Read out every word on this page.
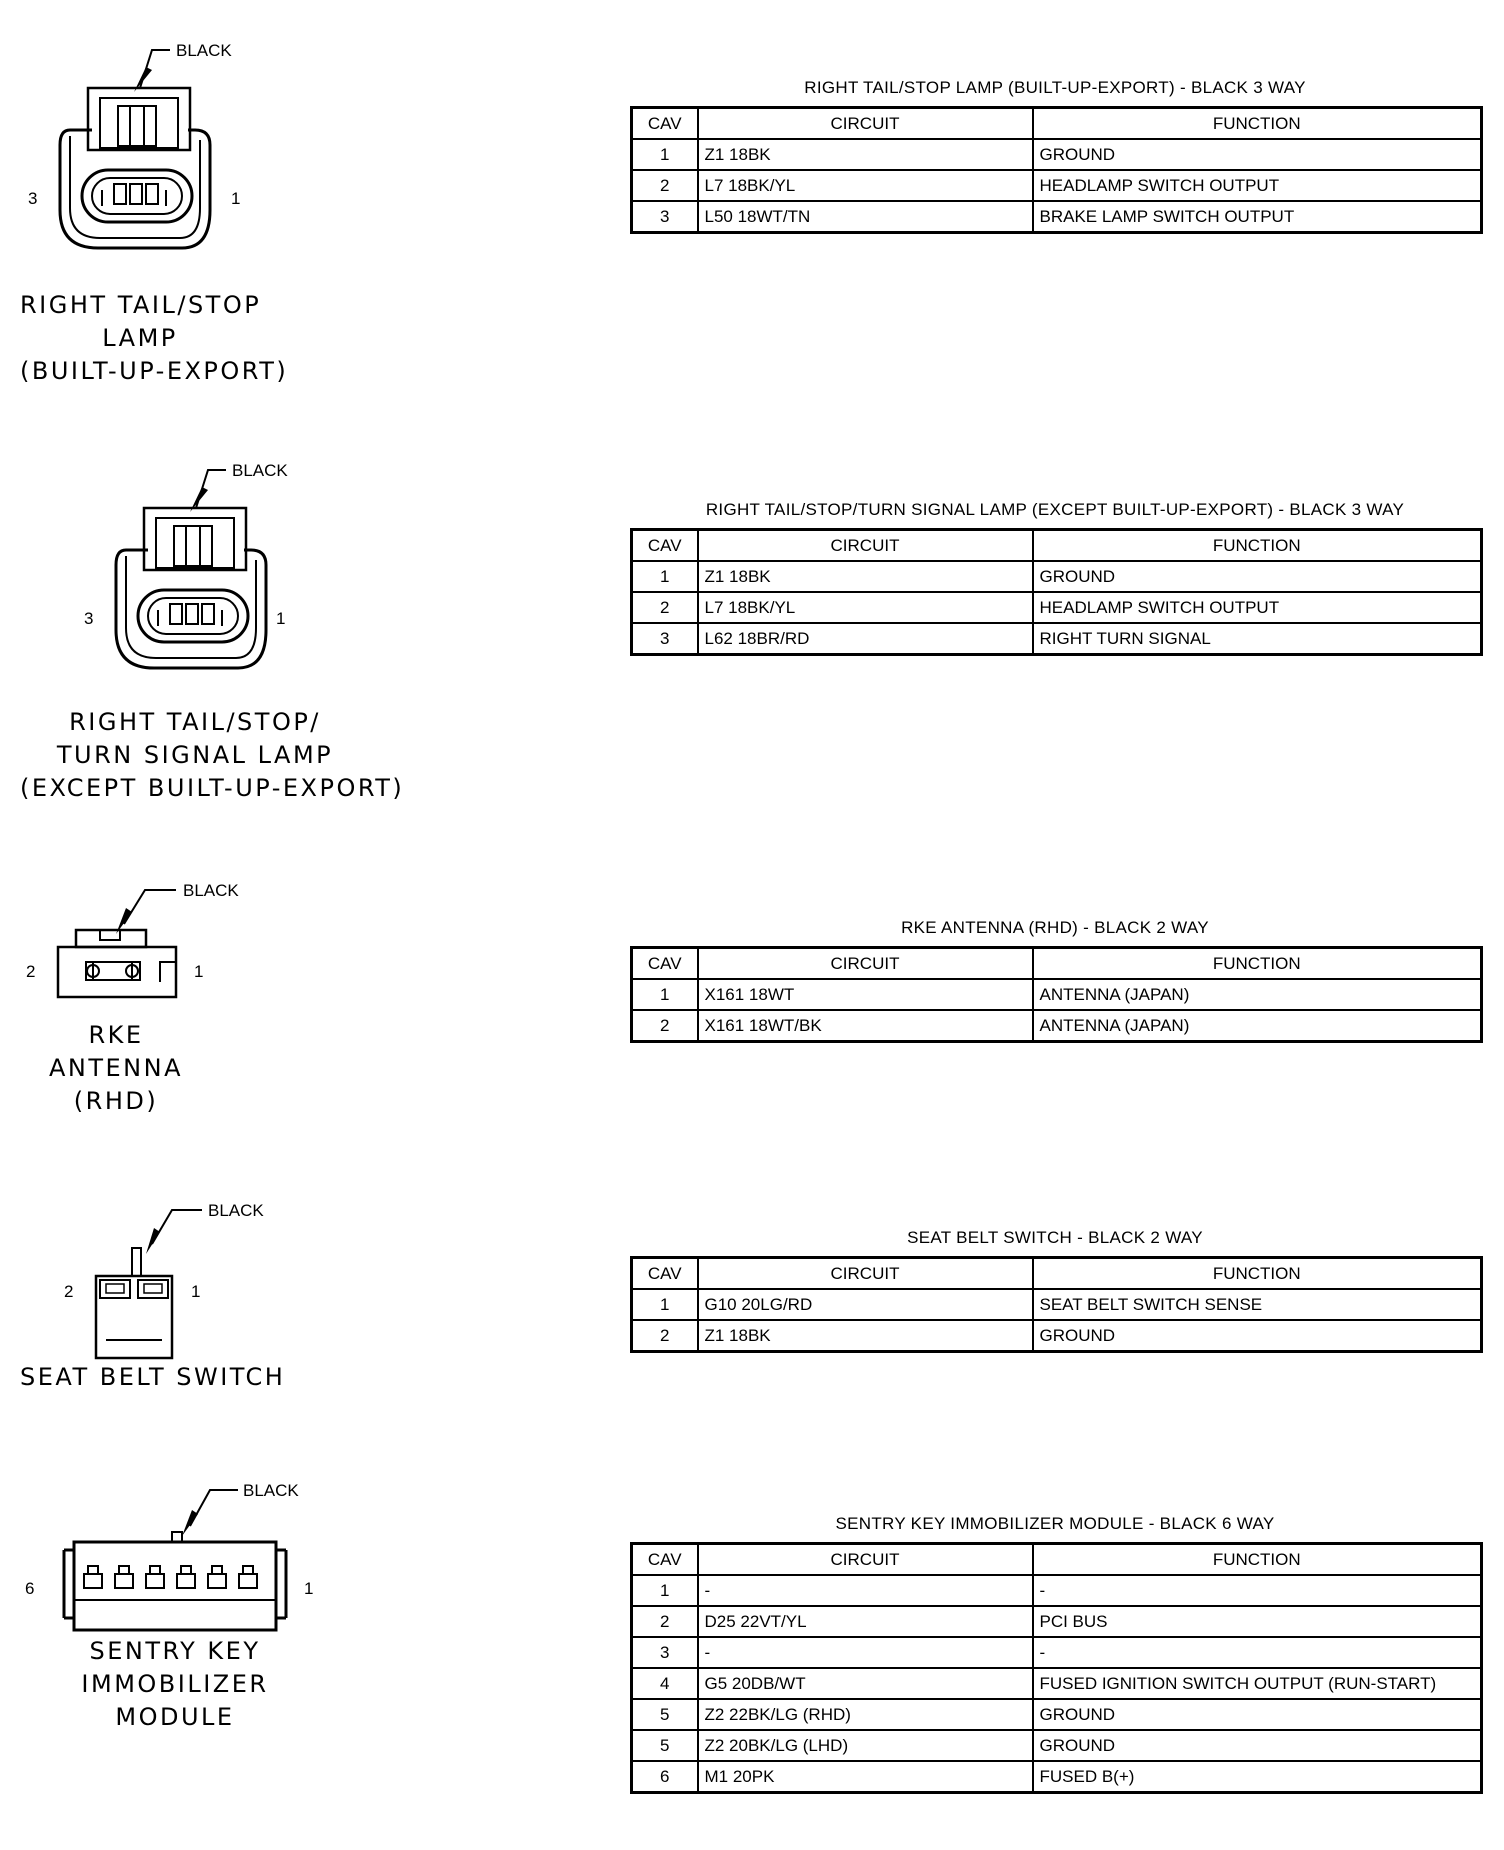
BLACK
3	1
RIGHT TAIL/STOP
LAMP
(BUILT-UP-EXPORT)
RIGHT TAIL/STOP LAMP (BUILT-UP-EXPORT) - BLACK 3 WAY
CAV	CIRCUIT	FUNCTION
1	Z1 18BK	GROUND
2	L7 18BK/YL	HEADLAMP SWITCH OUTPUT
3	L50 18WT/TN	BRAKE LAMP SWITCH OUTPUT
BLACK
3	1
RIGHT TAIL/STOP/
TURN SIGNAL LAMP
(EXCEPT BUILT-UP-EXPORT)
RIGHT TAIL/STOP/TURN SIGNAL LAMP (EXCEPT BUILT-UP-EXPORT) - BLACK 3 WAY
CAV	CIRCUIT	FUNCTION
1	Z1 18BK	GROUND
2	L7 18BK/YL	HEADLAMP SWITCH OUTPUT
3	L62 18BR/RD	RIGHT TURN SIGNAL
BLACK
2	1
RKE
ANTENNA
(RHD)
RKE ANTENNA (RHD) - BLACK 2 WAY
CAV	CIRCUIT	FUNCTION
1	X161 18WT	ANTENNA (JAPAN)
2	X161 18WT/BK	ANTENNA (JAPAN)
BLACK
2	1
SEAT BELT SWITCH
SEAT BELT SWITCH - BLACK 2 WAY
CAV	CIRCUIT	FUNCTION
1	G10 20LG/RD	SEAT BELT SWITCH SENSE
2	Z1 18BK	GROUND
BLACK
6	1
SENTRY KEY
IMMOBILIZER
MODULE
SENTRY KEY IMMOBILIZER MODULE - BLACK 6 WAY
CAV	CIRCUIT	FUNCTION
1	-	-
2	D25 22VT/YL	PCI BUS
3	-	-
4	G5 20DB/WT	FUSED IGNITION SWITCH OUTPUT (RUN-START)
5	Z2 22BK/LG (RHD)	GROUND
5	Z2 20BK/LG (LHD)	GROUND
6	M1 20PK	FUSED B(+)
